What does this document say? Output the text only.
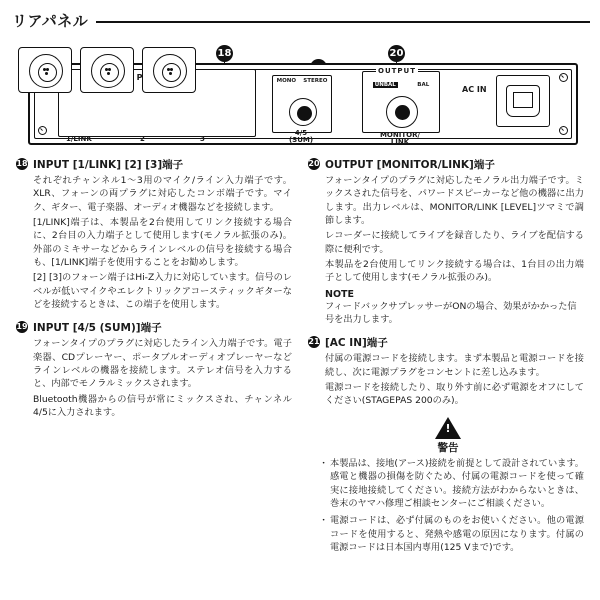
リアパネル
18	20
1/LINK	2	3
MONO STEREO
4/5
(SUM)
UNBAL	BAL
OUTPUT
MONITOR/
LINK
AC IN
18 INPUT [1/LINK] [2] [3]端子

それぞれチャンネル1〜3用のマイク/ライン入力端子です。XLR、フォーンの両プラグに対応したコンボ端子です。マイク、ギター、電子楽器、オーディオ機器などを接続します。

[1/LINK]端子は、本製品を2台使用してリンク接続する場合に、2台目の入力端子として使用します(モノラル拡張のみ)。外部のミキサーなどからラインレベルの信号を接続する場合も、[1/LINK]端子を使用することをお勧めします。

[2] [3]のフォーン端子はHi-Z入力に対応しています。信号のレベルが低いマイクやエレクトリックアコースティックギターなどを接続するときは、この端子を使用します。

19 INPUT [4/5 (SUM)]端子

フォーンタイプのプラグに対応したライン入力端子です。電子楽器、CDプレーヤー、ポータブルオーディオプレーヤーなどラインレベルの機器を接続します。ステレオ信号を入力すると、内部でモノラルミックスされます。

Bluetooth機器からの信号が常にミックスされ、チャンネル4/5に入力されます。

20 OUTPUT [MONITOR/LINK]端子

フォーンタイプのプラグに対応したモノラル出力端子です。ミックスされた信号を、パワードスピーカーなど他の機器に出力します。出力レベルは、MONITOR/LINK [LEVEL]ツマミで調節します。

レコーダーに接続してライブを録音したり、ライブを配信する際に便利です。

本製品を2台使用してリンク接続する場合は、1台目の出力端子として使用します(モノラル拡張のみ)。

NOTE
フィードバックサプレッサーがONの場合、効果がかかった信号を出力します。
21 [AC IN]端子

付属の電源コードを接続します。まず本製品と電源コードを接続し、次に電源プラグをコンセントに差し込みます。

電源コードを接続したり、取り外す前に必ず電源をオフにしてください(STAGEPAS 200のみ)。

!
警告
・ 本製品は、接地(アース)接続を前提として設計されています。感電と機器の損傷を防ぐため、付属の電源コードを使って確実に接地接続してください。接続方法がわからないときは、巻末のヤマハ修理ご相談センターにご相談ください。
・ 電源コードは、必ず付属のものをお使いください。他の電源コードを使用すると、発熱や感電の原因になります。付属の電源コードは日本国内専用(125 Vまで)です。
